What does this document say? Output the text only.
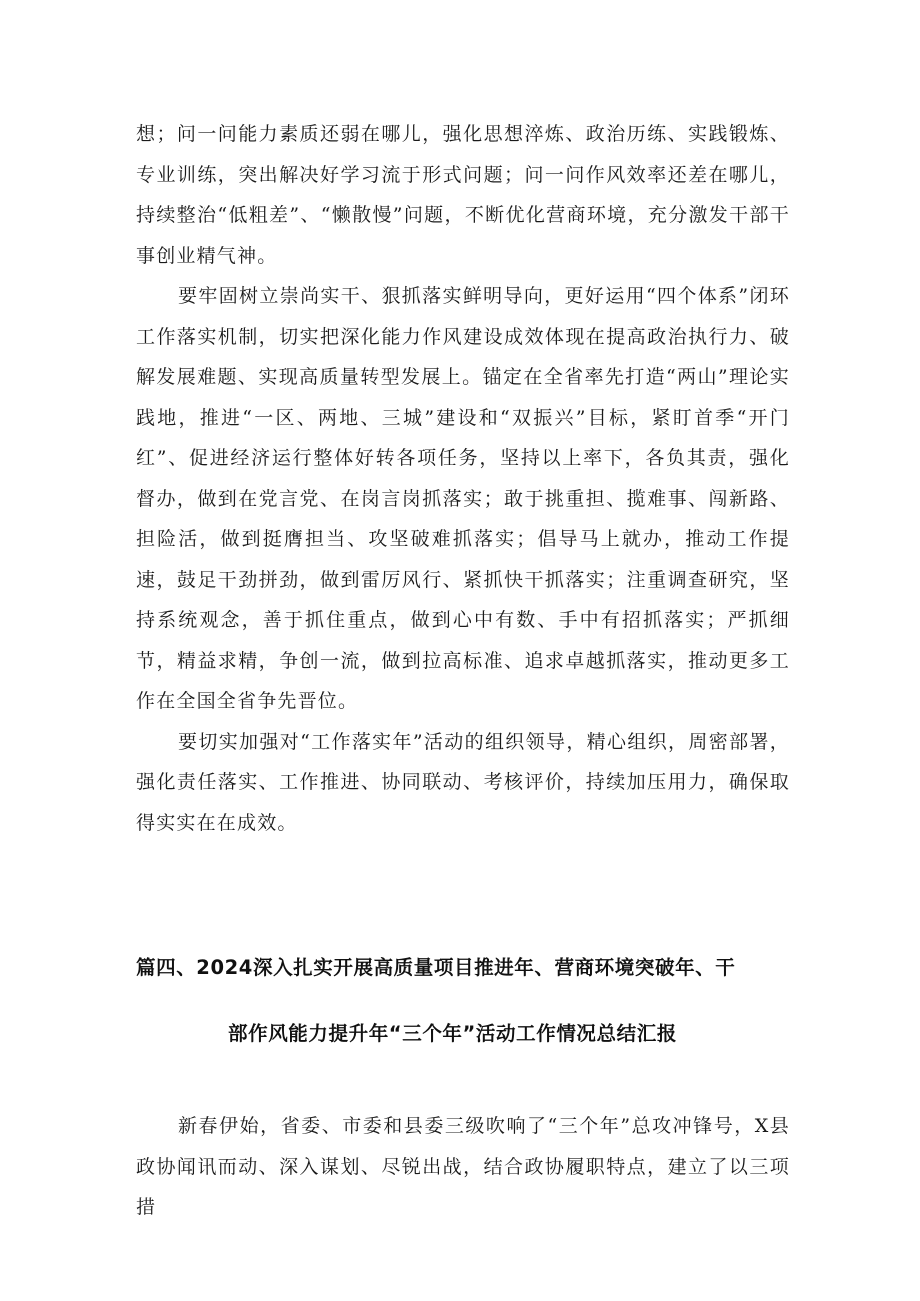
想；问一问能力素质还弱在哪儿，强化思想淬炼、政治历练、实践锻炼、专业训练，突出解决好学习流于形式问题；问一问作风效率还差在哪儿，持续整治“低粗差”、“懒散慢”问题，不断优化营商环境，充分激发干部干事创业精气神。

要牢固树立崇尚实干、狠抓落实鲜明导向，更好运用“四个体系”闭环工作落实机制，切实把深化能力作风建设成效体现在提高政治执行力、破解发展难题、实现高质量转型发展上。锚定在全省率先打造“两山”理论实践地，推进“一区、两地、三城”建设和“双振兴”目标，紧盯首季“开门红”、促进经济运行整体好转各项任务，坚持以上率下，各负其责，强化督办，做到在党言党、在岗言岗抓落实；敢于挑重担、揽难事、闯新路、担险活，做到挺膺担当、攻坚破难抓落实；倡导马上就办，推动工作提速，鼓足干劲拼劲，做到雷厉风行、紧抓快干抓落实；注重调查研究，坚持系统观念，善于抓住重点，做到心中有数、手中有招抓落实；严抓细节，精益求精，争创一流，做到拉高标准、追求卓越抓落实，推动更多工作在全国全省争先晋位。

要切实加强对“工作落实年”活动的组织领导，精心组织，周密部署，强化责任落实、工作推进、协同联动、考核评价，持续加压用力，确保取得实实在在成效。

篇四、2024深入扎实开展高质量项目推进年、营商环境突破年、干
部作风能力提升年“三个年”活动工作情况总结汇报

新春伊始，省委、市委和县委三级吹响了“三个年”总攻冲锋号，X县政协闻讯而动、深入谋划、尽锐出战，结合政协履职特点，建立了以三项措
